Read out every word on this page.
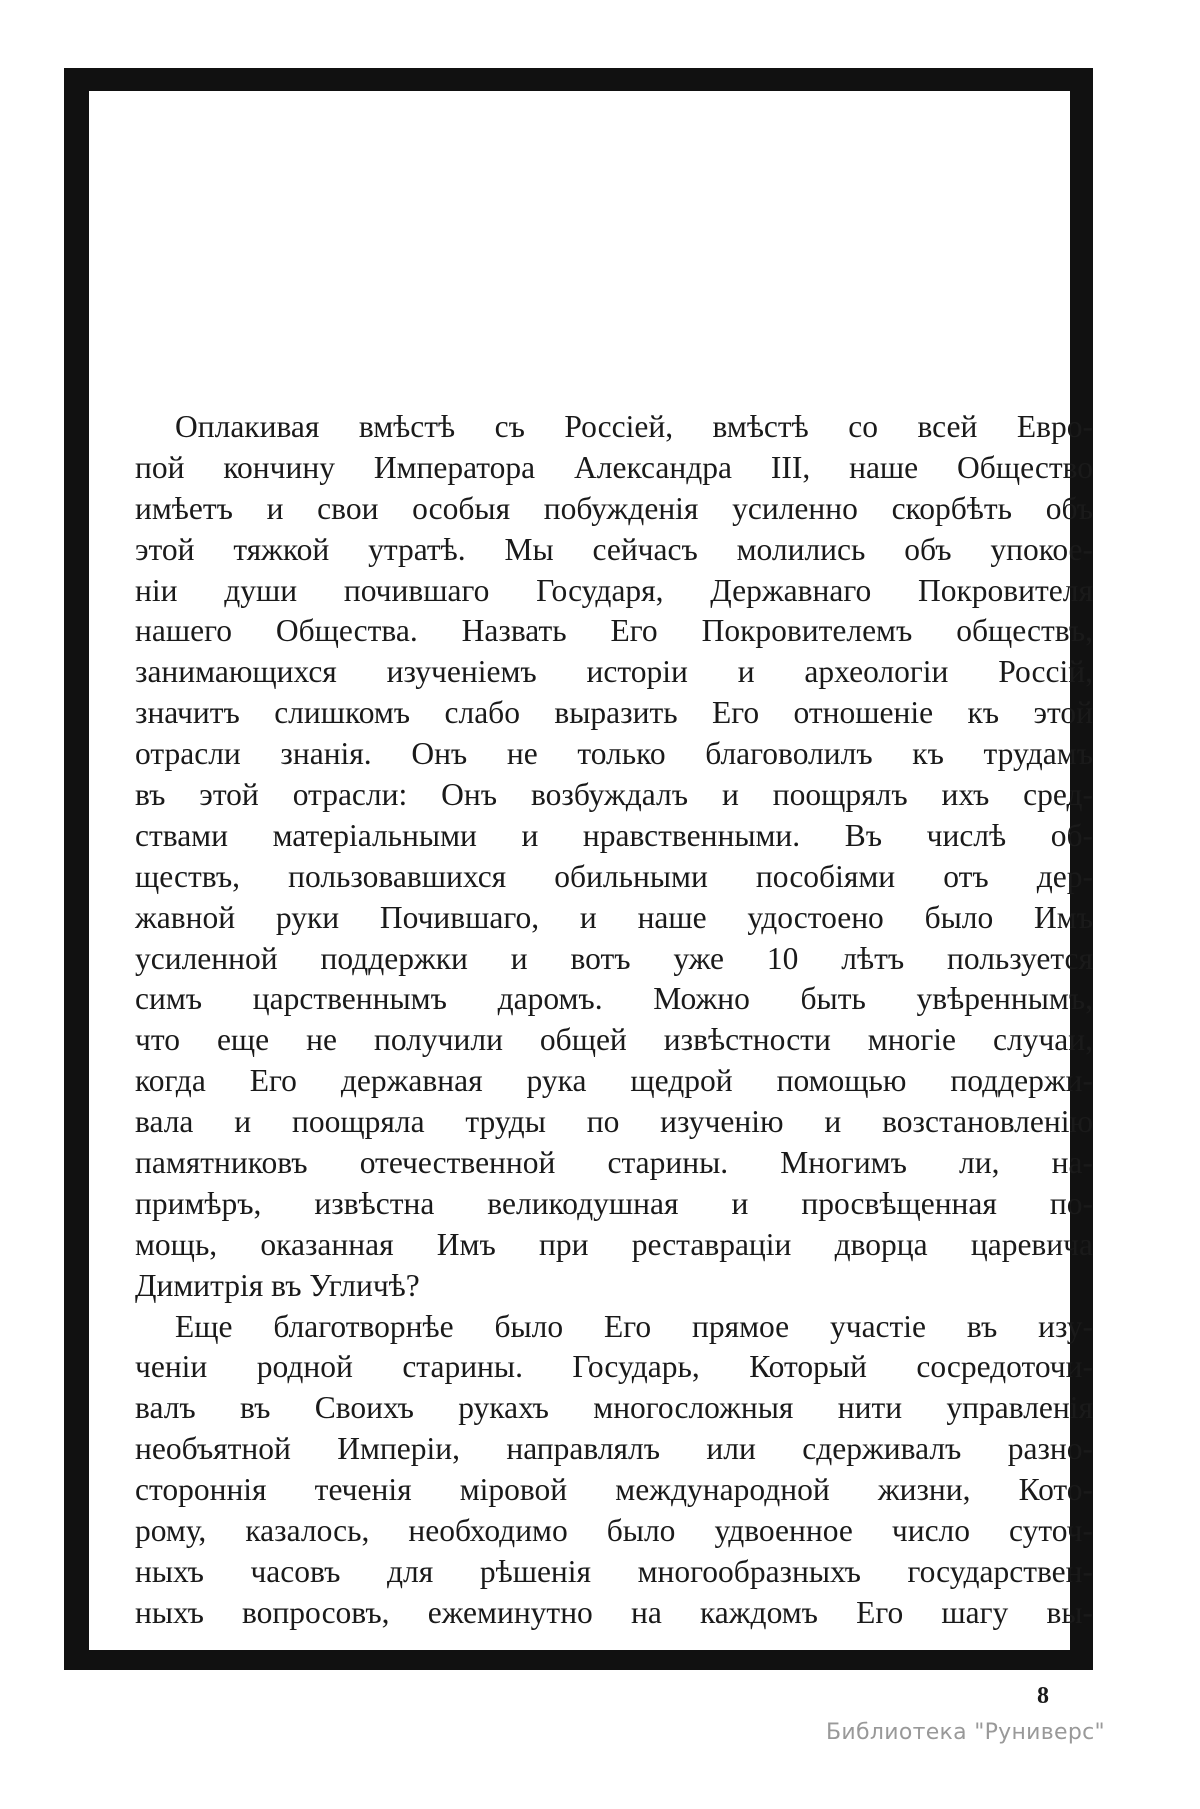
Оплакивая вмѣстѣ съ Россіей, вмѣстѣ со всей Евро-
пой кончину Императора Александра III, наше Общество
имѣетъ и свои особыя побужденія усиленно скорбѣть объ
этой тяжкой утратѣ. Мы сейчасъ молились объ упокое-
ніи души почившаго Государя, Державнаго Покровителя
нашего Общества. Назвать Его Покровителемъ обществъ,
занимающихся изученіемъ исторіи и археологіи Россій,
значитъ слишкомъ слабо выразить Его отношеніе къ этой
отрасли знанія. Онъ не только благоволилъ къ трудамъ
въ этой отрасли: Онъ возбуждалъ и поощрялъ ихъ сред-
ствами матеріальными и нравственными. Въ числѣ об-
ществъ, пользовавшихся обильными пособіями отъ дер-
жавной руки Почившаго, и наше удостоено было Имъ
усиленной поддержки и вотъ уже 10 лѣтъ пользуется
симъ царственнымъ даромъ. Можно быть увѣреннымъ,
что еще не получили общей извѣстности многіе случаи,
когда Его державная рука щедрой помощью поддержи-
вала и поощряла труды по изученію и возстановленію
памятниковъ отечественной старины. Многимъ ли, на-
примѣръ, извѣстна великодушная и просвѣщенная по-
мощь, оказанная Имъ при реставраціи дворца царевича
Димитрія въ Угличѣ?
Еще благотворнѣе было Его прямое участіе въ изу-
ченіи родной старины. Государь, Который сосредоточи-
валъ въ Своихъ рукахъ многосложныя нити управленія
необъятной Имперіи, направлялъ или сдерживалъ разно-
стороннія теченія міровой международной жизни, Кото-
рому, казалось, необходимо было удвоенное число суточ-
ныхъ часовъ для рѣшенія многообразныхъ государствен-
ныхъ вопросовъ, ежеминутно на каждомъ Его шагу вы-
8
Библиотека "Руниверс"
